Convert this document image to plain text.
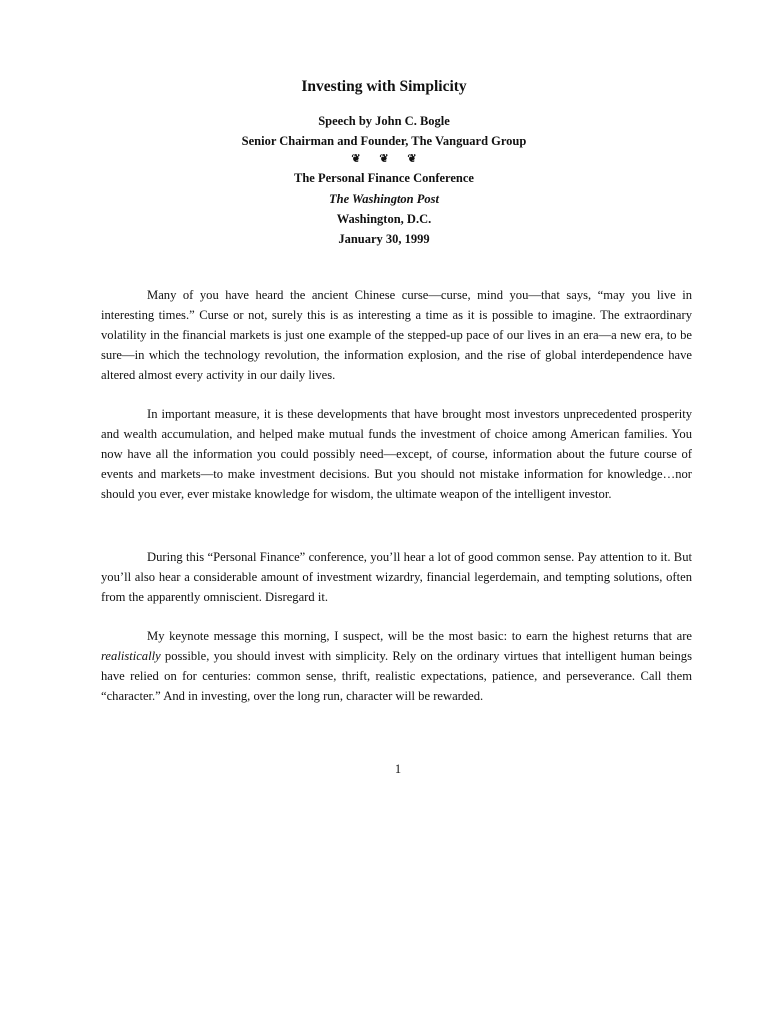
Investing with Simplicity
Speech by John C. Bogle
Senior Chairman and Founder, The Vanguard Group
❦ ❦ ❦
The Personal Finance Conference
The Washington Post
Washington, D.C.
January 30, 1999

Many of you have heard the ancient Chinese curse—curse, mind you—that says, “may you live in interesting times.” Curse or not, surely this is as interesting a time as it is possible to imagine. The extraordinary volatility in the financial markets is just one example of the stepped-up pace of our lives in an era—a new era, to be sure—in which the technology revolution, the information explosion, and the rise of global interdependence have altered almost every activity in our daily lives.

In important measure, it is these developments that have brought most investors unprecedented prosperity and wealth accumulation, and helped make mutual funds the investment of choice among American families. You now have all the information you could possibly need—except, of course, information about the future course of events and markets—to make investment decisions. But you should not mistake information for knowledge…nor should you ever, ever mistake knowledge for wisdom, the ultimate weapon of the intelligent investor.

During this “Personal Finance” conference, you’ll hear a lot of good common sense. Pay attention to it. But you’ll also hear a considerable amount of investment wizardry, financial legerdemain, and tempting solutions, often from the apparently omniscient. Disregard it.

My keynote message this morning, I suspect, will be the most basic: to earn the highest returns that are realistically possible, you should invest with simplicity. Rely on the ordinary virtues that intelligent human beings have relied on for centuries: common sense, thrift, realistic expectations, patience, and perseverance. Call them “character.” And in investing, over the long run, character will be rewarded.

1
